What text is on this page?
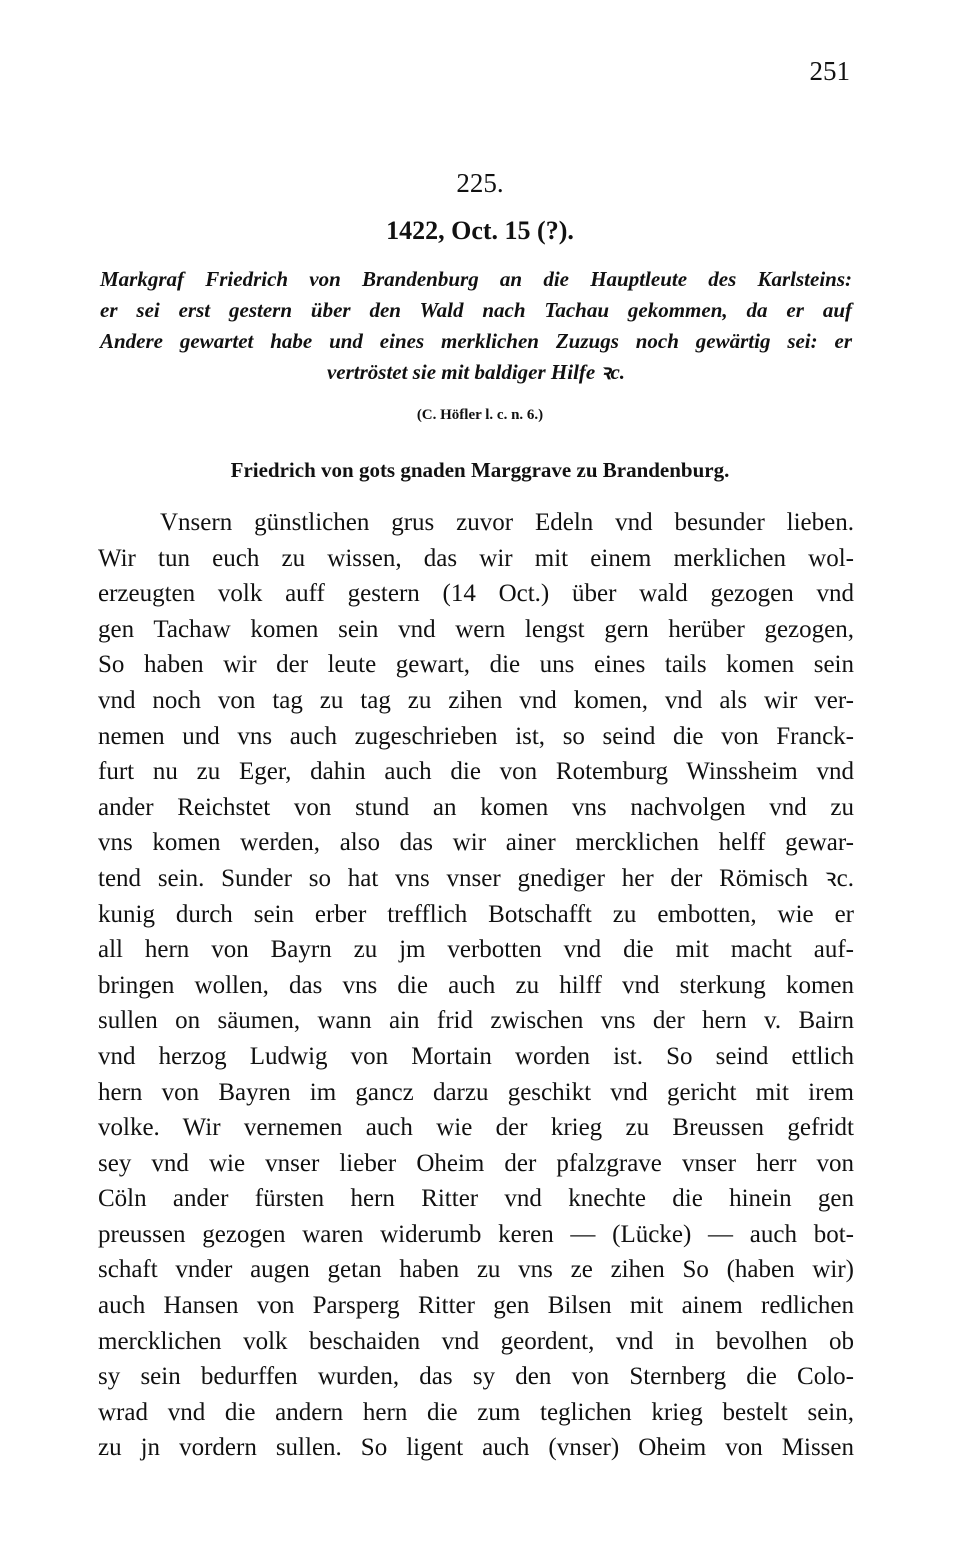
251
225.
1422, Oct. 15 (?).
Markgraf Friedrich von Brandenburg an die Hauptleute des Karlsteins:
er sei erst gestern über den Wald nach Tachau gekommen, da er auf
Andere gewartet habe und eines merklichen Zuzugs noch gewärtig sei: er
vertröstet sie mit baldiger Hilfe ꝛc.
(C. Höfler l. c. n. 6.)
Friedrich von gots gnaden Marggrave zu Brandenburg.
Vnsern günstlichen grus zuvor Edeln vnd besunder lieben.
Wir tun euch zu wissen, das wir mit einem merklichen wol-
erzeugten volk auff gestern (14 Oct.) über wald gezogen vnd
gen Tachaw komen sein vnd wern lengst gern herüber gezogen,
So haben wir der leute gewart, die uns eines tails komen sein
vnd noch von tag zu tag zu zihen vnd komen, vnd als wir ver-
nemen und vns auch zugeschrieben ist, so seind die von Franck-
furt nu zu Eger, dahin auch die von Rotemburg Winssheim vnd
ander Reichstet von stund an komen vns nachvolgen vnd zu
vns komen werden, also das wir ainer mercklichen helff gewar-
tend sein. Sunder so hat vns vnser gnediger her der Römisch ꝛc.
kunig durch sein erber trefflich Botschafft zu embotten, wie er
all hern von Bayrn zu jm verbotten vnd die mit macht auf-
bringen wollen, das vns die auch zu hilff vnd sterkung komen
sullen on säumen, wann ain frid zwischen vns der hern v. Bairn
vnd herzog Ludwig von Mortain worden ist. So seind ettlich
hern von Bayren im gancz darzu geschikt vnd gericht mit irem
volke. Wir vernemen auch wie der krieg zu Breussen gefridt
sey vnd wie vnser lieber Oheim der pfalzgrave vnser herr von
Cöln ander fürsten hern Ritter vnd knechte die hinein gen
preussen gezogen waren widerumb keren — (Lücke) — auch bot-
schaft vnder augen getan haben zu vns ze zihen So (haben wir)
auch Hansen von Parsperg Ritter gen Bilsen mit ainem redlichen
mercklichen volk beschaiden vnd geordent, vnd in bevolhen ob
sy sein bedurffen wurden, das sy den von Sternberg die Colo-
wrad vnd die andern hern die zum teglichen krieg bestelt sein,
zu jn vordern sullen. So ligent auch (vnser) Oheim von Missen
